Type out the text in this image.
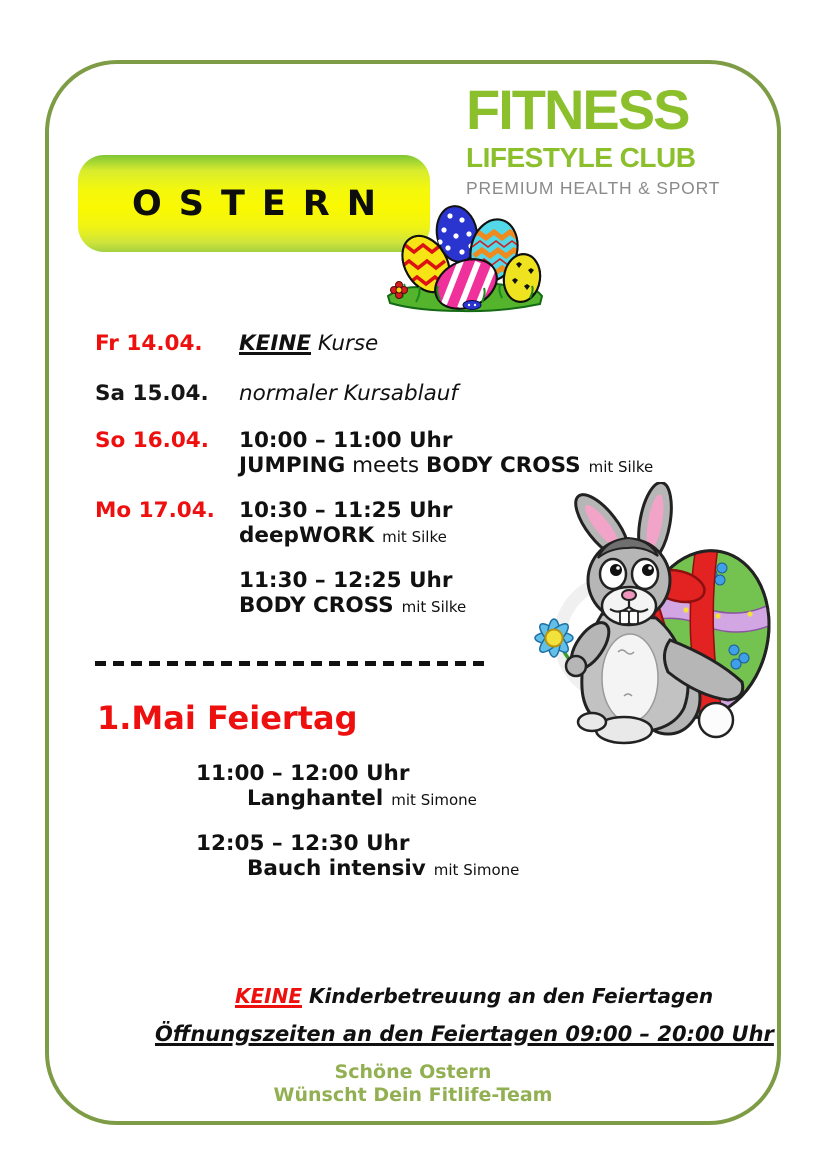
FITNESS
LIFESTYLE CLUB
PREMIUM HEALTH & SPORT
OSTERN
Fr 14.04. KEINE Kurse
Sa 15.04. normaler Kursablauf
So 16.04. 10:00 – 11:00 Uhr
JUMPING meets BODY CROSS mit Silke
Mo 17.04. 10:30 – 11:25 Uhr
deepWORK mit Silke
11:30 – 12:25 Uhr
BODY CROSS mit Silke
1.Mai Feiertag
11:00 – 12:00 Uhr
Langhantel mit Simone
12:05 – 12:30 Uhr
Bauch intensiv mit Simone
KEINE Kinderbetreuung an den Feiertagen
Öffnungszeiten an den Feiertagen 09:00 – 20:00 Uhr
Schöne Ostern
Wünscht Dein Fitlife-Team
